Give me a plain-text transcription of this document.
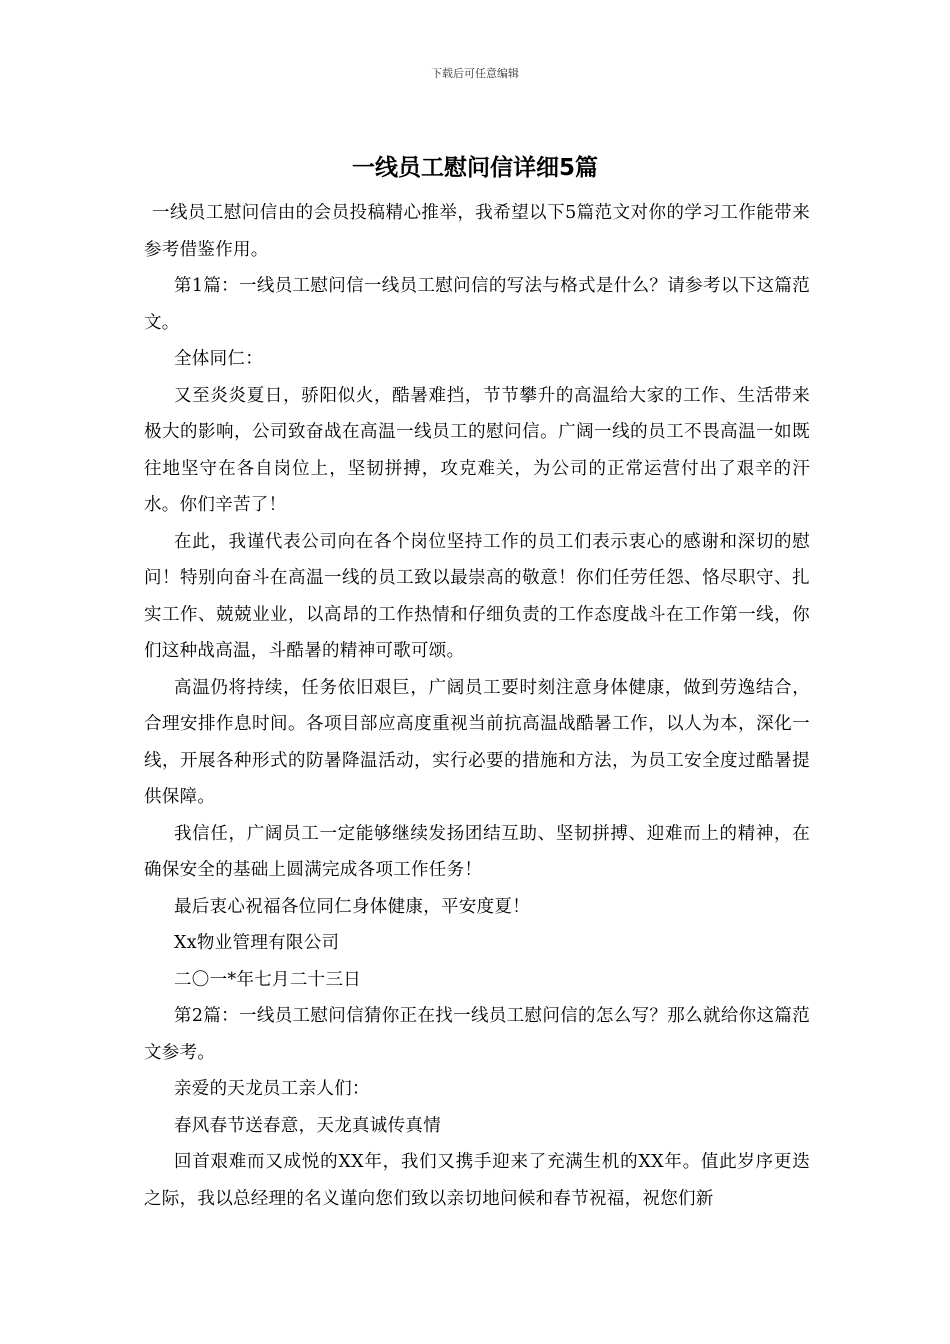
下载后可任意编辑
一线员工慰问信详细5篇

一线员工慰问信由的会员投稿精心推举，我希望以下5篇范文对你的学习工作能带来参考借鉴作用。

第1篇：一线员工慰问信一线员工慰问信的写法与格式是什么？请参考以下这篇范文。

全体同仁：

又至炎炎夏日，骄阳似火，酷暑难挡，节节攀升的高温给大家的工作、生活带来极大的影响，公司致奋战在高温一线员工的慰问信。广阔一线的员工不畏高温一如既往地坚守在各自岗位上，坚韧拼搏，攻克难关，为公司的正常运营付出了艰辛的汗水。你们辛苦了！

在此，我谨代表公司向在各个岗位坚持工作的员工们表示衷心的感谢和深切的慰问！特别向奋斗在高温一线的员工致以最崇高的敬意！你们任劳任怨、恪尽职守、扎实工作、兢兢业业，以高昂的工作热情和仔细负责的工作态度战斗在工作第一线，你们这种战高温，斗酷暑的精神可歌可颂。

高温仍将持续，任务依旧艰巨，广阔员工要时刻注意身体健康，做到劳逸结合，合理安排作息时间。各项目部应高度重视当前抗高温战酷暑工作，以人为本，深化一线，开展各种形式的防暑降温活动，实行必要的措施和方法，为员工安全度过酷暑提供保障。

我信任，广阔员工一定能够继续发扬团结互助、坚韧拼搏、迎难而上的精神，在确保安全的基础上圆满完成各项工作任务！

最后衷心祝福各位同仁身体健康，平安度夏！

Xx物业管理有限公司

二〇一*年七月二十三日

第2篇：一线员工慰问信猜你正在找一线员工慰问信的怎么写？那么就给你这篇范文参考。

亲爱的天龙员工亲人们：

春风春节送春意，天龙真诚传真情

回首艰难而又成悦的XX年，我们又携手迎来了充满生机的XX年。值此岁序更迭之际，我以总经理的名义谨向您们致以亲切地问候和春节祝福，祝您们新
